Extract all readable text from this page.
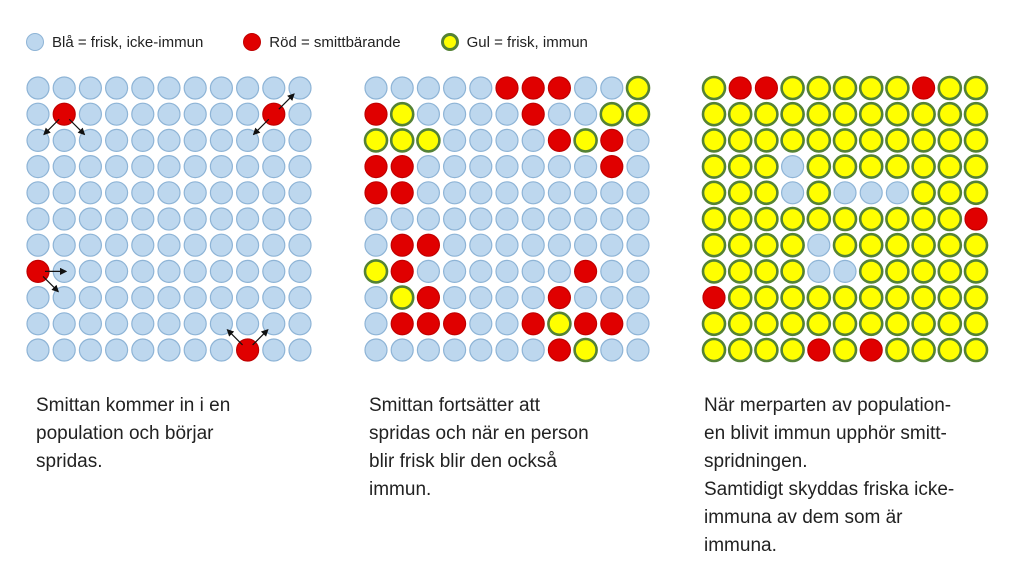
Blå = frisk, icke-immun	Röd = smittbärande	Gul = frisk, immun
Smittan kommer in i en
population och börjar
spridas.
Smittan fortsätter att
spridas och när en person
blir frisk blir den också
immun.
När merparten av population-
en blivit immun upphör smitt-
spridningen.
Samtidigt skyddas friska icke-
immuna av dem som är
immuna.
